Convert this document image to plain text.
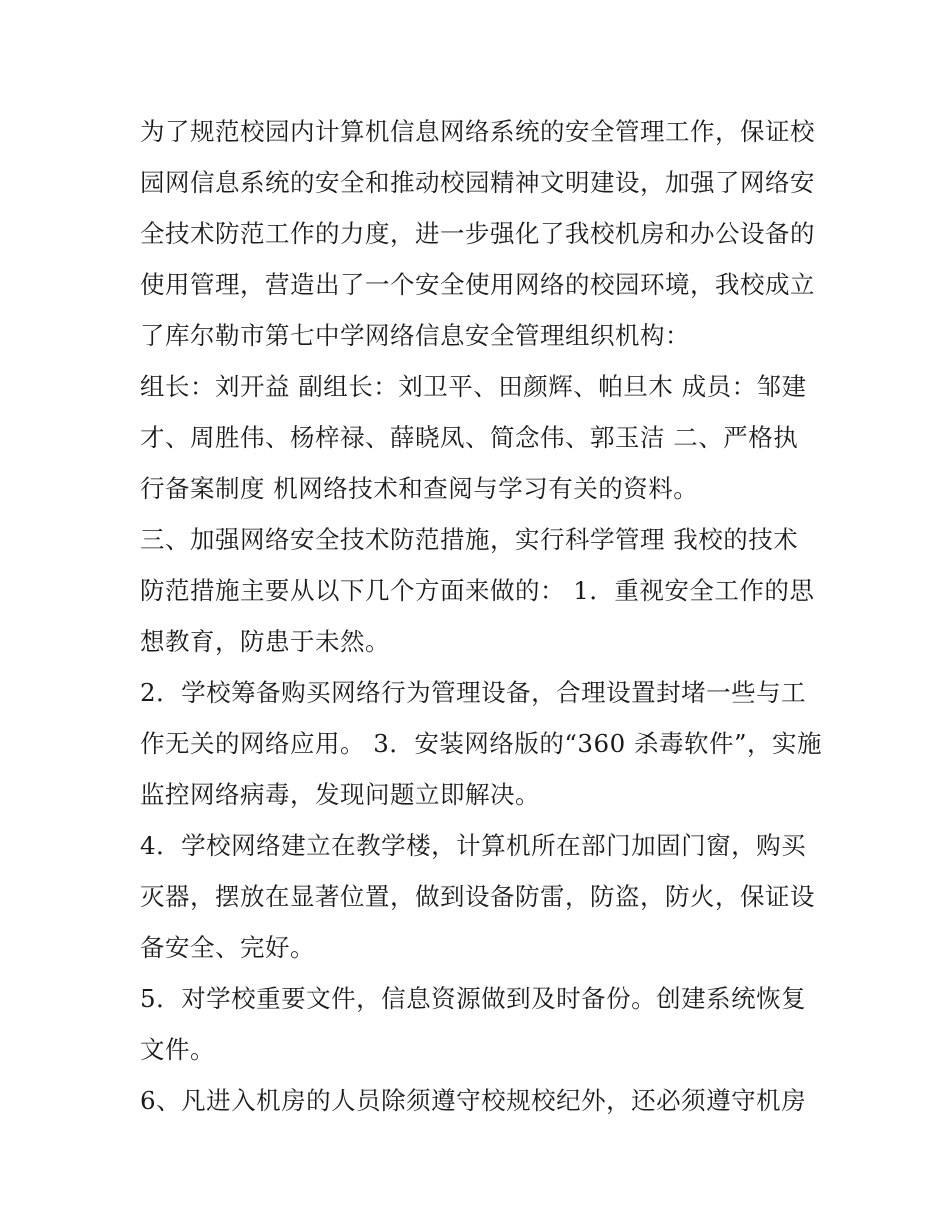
为了规范校园内计算机信息网络系统的安全管理工作，保证校
园网信息系统的安全和推动校园精神文明建设，加强了网络安
全技术防范工作的力度，进一步强化了我校机房和办公设备的
使用管理，营造出了一个安全使用网络的校园环境，我校成立
了库尔勒市第七中学网络信息安全管理组织机构：
组长：刘开益 副组长：刘卫平、田颜辉、帕旦木 成员：邹建
才、周胜伟、杨梓禄、薛晓凤、简念伟、郭玉洁 二、严格执
行备案制度 机网络技术和查阅与学习有关的资料。
三、加强网络安全技术防范措施，实行科学管理 我校的技术
防范措施主要从以下几个方面来做的： 1．重视安全工作的思
想教育，防患于未然。
2．学校筹备购买网络行为管理设备，合理设置封堵一些与工
作无关的网络应用。 3．安装网络版的“360 杀毒软件”，实施
监控网络病毒，发现问题立即解决。
4．学校网络建立在教学楼，计算机所在部门加固门窗，购买
灭器，摆放在显著位置，做到设备防雷，防盗，防火，保证设
备安全、完好。
5．对学校重要文件，信息资源做到及时备份。创建系统恢复
文件。
6、凡进入机房的人员除须遵守校规校纪外，还必须遵守机房
